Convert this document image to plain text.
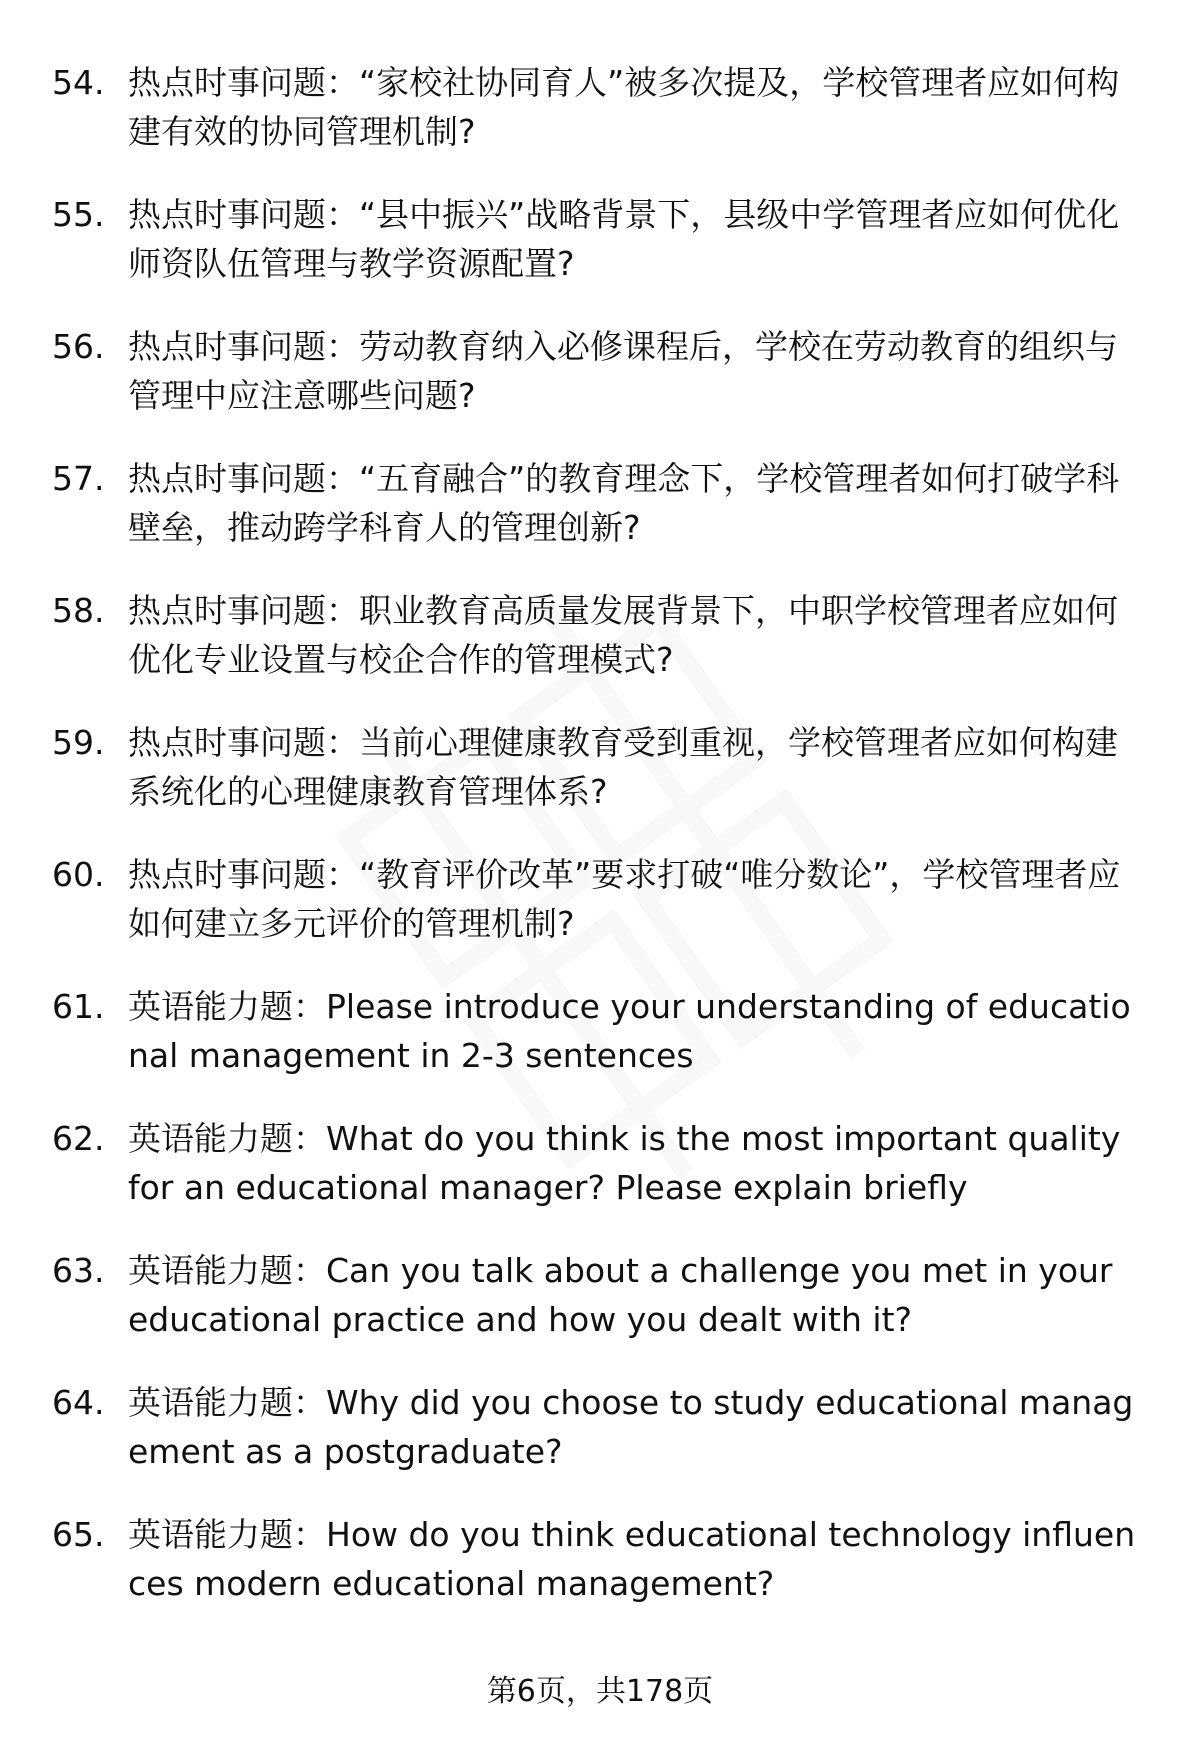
54. 热点时事问题：“家校社协同育人”被多次提及，学校管理者应如何构建有效的协同管理机制?
55. 热点时事问题：“县中振兴”战略背景下，县级中学管理者应如何优化师资队伍管理与教学资源配置?
56. 热点时事问题：劳动教育纳入必修课程后，学校在劳动教育的组织与管理中应注意哪些问题?
57. 热点时事问题：“五育融合”的教育理念下，学校管理者如何打破学科壁垒，推动跨学科育人的管理创新?
58. 热点时事问题：职业教育高质量发展背景下，中职学校管理者应如何优化专业设置与校企合作的管理模式?
59. 热点时事问题：当前心理健康教育受到重视，学校管理者应如何构建系统化的心理健康教育管理体系?
60. 热点时事问题：“教育评价改革”要求打破“唯分数论”，学校管理者应如何建立多元评价的管理机制?
61. 英语能力题：Please introduce your understanding of educational management in 2-3 sentences
62. 英语能力题：What do you think is the most important quality for an educational manager? Please explain briefly
63. 英语能力题：Can you talk about a challenge you met in your educational practice and how you dealt with it?
64. 英语能力题：Why did you choose to study educational management as a postgraduate?
65. 英语能力题：How do you think educational technology influences modern educational management?
第6页，共178页
